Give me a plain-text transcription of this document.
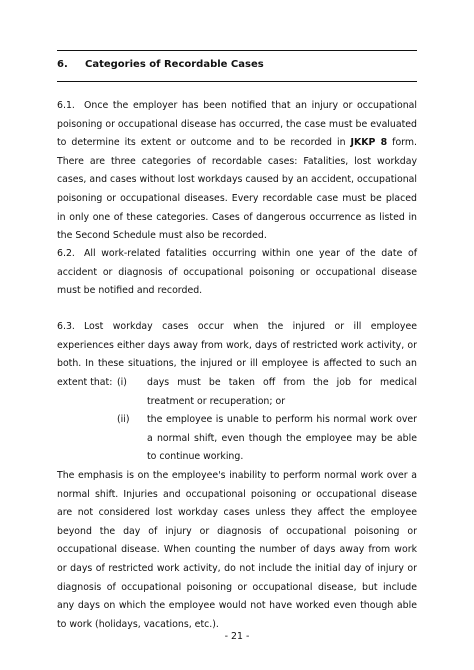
6. Categories of Recordable Cases

6.1. Once the employer has been notified that an injury or occupational poisoning or occupational disease has occurred, the case must be evaluated to determine its extent or outcome and to be recorded in JKKP 8 form. There are three categories of recordable cases: Fatalities, lost workday cases, and cases without lost workdays caused by an accident, occupational poisoning or occupational diseases. Every recordable case must be placed in only one of these categories. Cases of dangerous occurrence as listed in the Second Schedule must also be recorded.

6.2. All work-related fatalities occurring within one year of the date of accident or diagnosis of occupational poisoning or occupational disease must be notified and recorded.

6.3. Lost workday cases occur when the injured or ill employee experiences either days away from work, days of restricted work activity, or both. In these situations, the injured or ill employee is affected to such an extent that: (i) days must be taken off from the job for medical treatment or recuperation; or
(ii) the employee is unable to perform his normal work over a normal shift, even though the employee may be able to continue working.

The emphasis is on the employee's inability to perform normal work over a normal shift. Injuries and occupational poisoning or occupational disease are not considered lost workday cases unless they affect the employee beyond the day of injury or diagnosis of occupational poisoning or occupational disease. When counting the number of days away from work or days of restricted work activity, do not include the initial day of injury or diagnosis of occupational poisoning or occupational disease, but include any days on which the employee would not have worked even though able to work (holidays, vacations, etc.).

- 21 -
